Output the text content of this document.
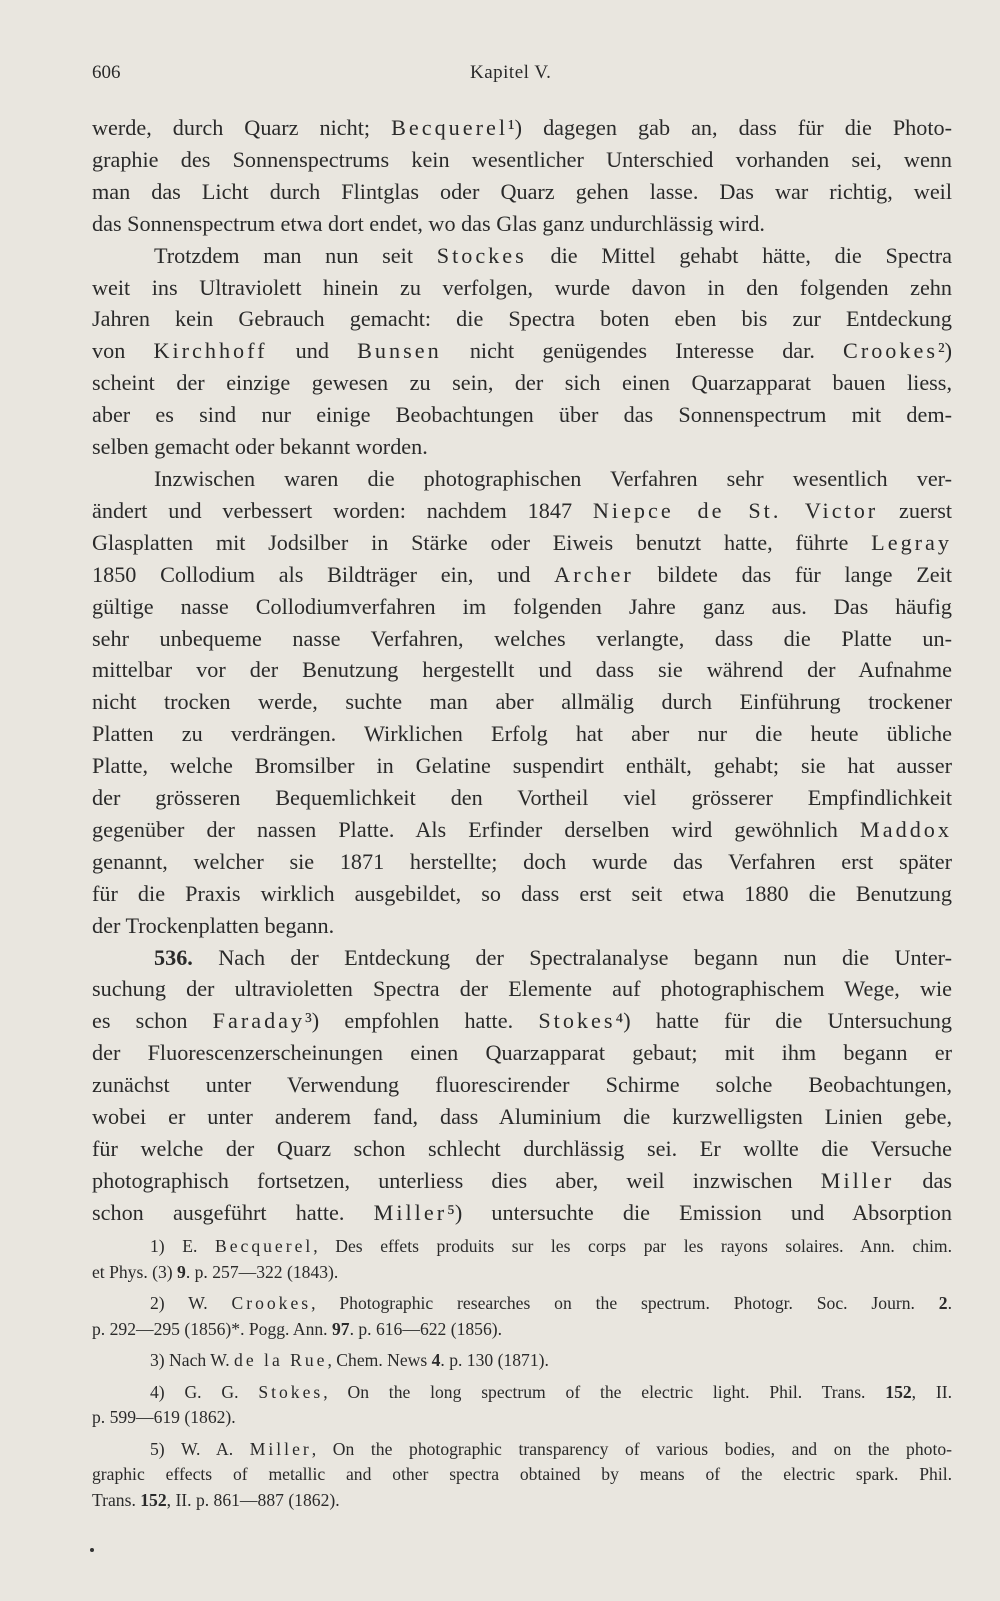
606	Kapitel V.
werde, durch Quarz nicht; Becquerel¹) dagegen gab an, dass für die Photo-
graphie des Sonnenspectrums kein wesentlicher Unterschied vorhanden sei, wenn
man das Licht durch Flintglas oder Quarz gehen lasse. Das war richtig, weil
das Sonnenspectrum etwa dort endet, wo das Glas ganz undurchlässig wird.
Trotzdem man nun seit Stockes die Mittel gehabt hätte, die Spectra
weit ins Ultraviolett hinein zu verfolgen, wurde davon in den folgenden zehn
Jahren kein Gebrauch gemacht: die Spectra boten eben bis zur Entdeckung
von Kirchhoff und Bunsen nicht genügendes Interesse dar. Crookes²)
scheint der einzige gewesen zu sein, der sich einen Quarzapparat bauen liess,
aber es sind nur einige Beobachtungen über das Sonnenspectrum mit dem-
selben gemacht oder bekannt worden.
Inzwischen waren die photographischen Verfahren sehr wesentlich ver-
ändert und verbessert worden: nachdem 1847 Niepce de St. Victor zuerst
Glasplatten mit Jodsilber in Stärke oder Eiweis benutzt hatte, führte Legray
1850 Collodium als Bildträger ein, und Archer bildete das für lange Zeit
gültige nasse Collodiumverfahren im folgenden Jahre ganz aus. Das häufig
sehr unbequeme nasse Verfahren, welches verlangte, dass die Platte un-
mittelbar vor der Benutzung hergestellt und dass sie während der Aufnahme
nicht trocken werde, suchte man aber allmälig durch Einführung trockener
Platten zu verdrängen. Wirklichen Erfolg hat aber nur die heute übliche
Platte, welche Bromsilber in Gelatine suspendirt enthält, gehabt; sie hat ausser
der grösseren Bequemlichkeit den Vortheil viel grösserer Empfindlichkeit
gegenüber der nassen Platte. Als Erfinder derselben wird gewöhnlich Maddox
genannt, welcher sie 1871 herstellte; doch wurde das Verfahren erst später
für die Praxis wirklich ausgebildet, so dass erst seit etwa 1880 die Benutzung
der Trockenplatten begann.
536. Nach der Entdeckung der Spectralanalyse begann nun die Unter-
suchung der ultravioletten Spectra der Elemente auf photographischem Wege, wie
es schon Faraday³) empfohlen hatte. Stokes⁴) hatte für die Untersuchung
der Fluorescenzerscheinungen einen Quarzapparat gebaut; mit ihm begann er
zunächst unter Verwendung fluorescirender Schirme solche Beobachtungen,
wobei er unter anderem fand, dass Aluminium die kurzwelligsten Linien gebe,
für welche der Quarz schon schlecht durchlässig sei. Er wollte die Versuche
photographisch fortsetzen, unterliess dies aber, weil inzwischen Miller das
schon ausgeführt hatte. Miller⁵) untersuchte die Emission und Absorption
1) E. Becquerel, Des effets produits sur les corps par les rayons solaires. Ann. chim.
et Phys. (3) 9. p. 257—322 (1843).
2) W. Crookes, Photographic researches on the spectrum. Photogr. Soc. Journ. 2.
p. 292—295 (1856)*. Pogg. Ann. 97. p. 616—622 (1856).
3) Nach W. de la Rue, Chem. News 4. p. 130 (1871).
4) G. G. Stokes, On the long spectrum of the electric light. Phil. Trans. 152, II.
p. 599—619 (1862).
5) W. A. Miller, On the photographic transparency of various bodies, and on the photo-
graphic effects of metallic and other spectra obtained by means of the electric spark. Phil.
Trans. 152, II. p. 861—887 (1862).
